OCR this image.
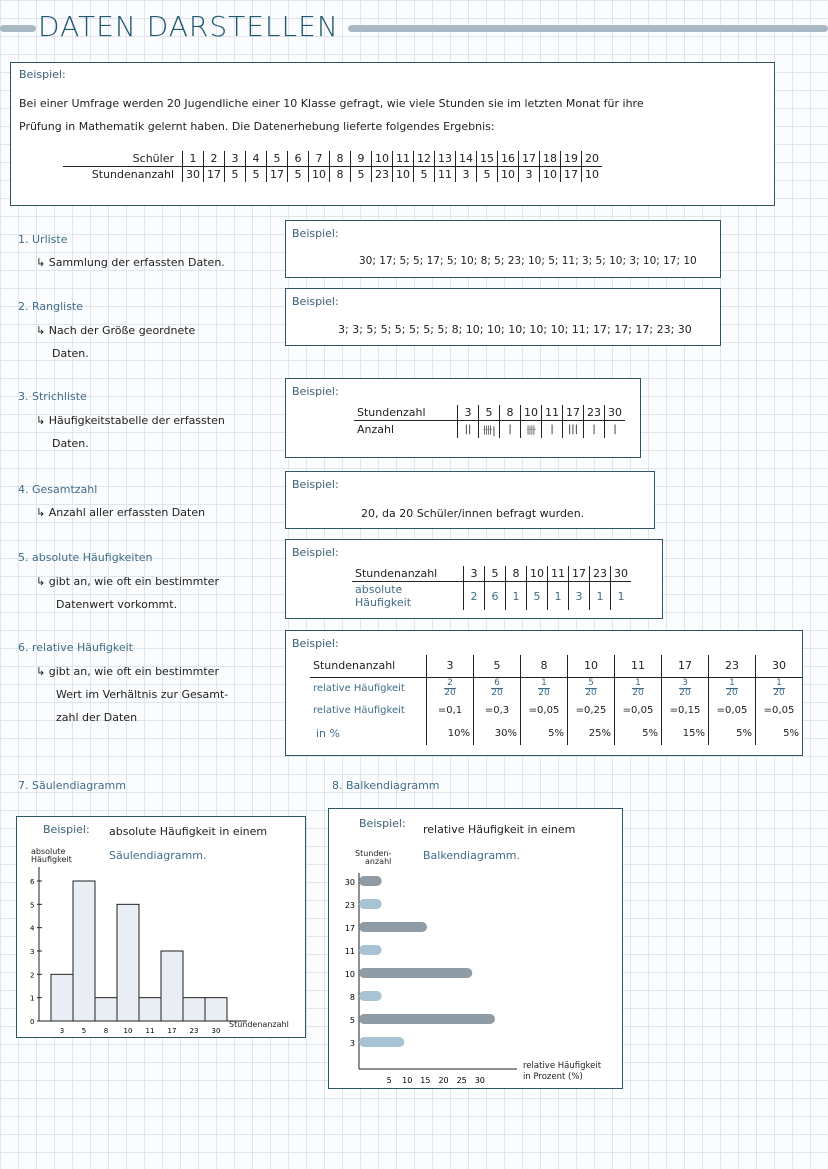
DATEN DARSTELLEN
Beispiel:
Bei einer Umfrage werden 20 Jugendliche einer 10 Klasse gefragt, wie viele Stunden sie im letzten Monat für ihre
Prüfung in Mathematik gelernt haben. Die Datenerhebung lieferte folgendes Ergebnis:
Schüler	1	2	3	4	5	6	7	8	9	10	11	12	13	14	15	16	17	18	19	20
Stundenanzahl	30	17	5	5	17	5	10	8	5	23	10	5	11	3	5	10	3	10	17	10
1. Urliste
↳ Sammlung der erfassten Daten.
Beispiel:
30; 17; 5; 5; 17; 5; 10; 8; 5; 23; 10; 5; 11; 3; 5; 10; 3; 10; 17; 10
2. Rangliste
↳ Nach der Größe geordnete
Daten.
Beispiel:
3; 3; 5; 5; 5; 5; 5; 5; 8; 10; 10; 10; 10; 10; 11; 17; 17; 17; 23; 30
3. Strichliste
↳ Häufigkeitstabelle der erfassten
Daten.
Beispiel:
Stundenzahl	3	5	8	10	11	17	23	30
Anzahl	||	卌|	|	卌	|	|||	|	|
4. Gesamtzahl
↳ Anzahl aller erfassten Daten
Beispiel:
20, da 20 Schüler/innen befragt wurden.
5. absolute Häufigkeiten
↳ gibt an, wie oft ein bestimmter
Datenwert vorkommt.
Beispiel:
Stundenanzahl	3	5	8	10	11	17	23	30
absolute Häufigkeit	2	6	1	5	1	3	1	1
6. relative Häufigkeit
↳ gibt an, wie oft ein bestimmter
Wert im Verhältnis zur Gesamt-
zahl der Daten
Beispiel:
Stundenanzahl	3	5	8	10	11	17	23	30
relative Häufigkeit	$\frac{2}{20}$	$\frac{6}{20}$	$\frac{1}{20}$	$\frac{5}{20}$	$\frac{1}{20}$	$\frac{3}{20}$	$\frac{1}{20}$	$\frac{1}{20}$

relative Häufigkeit	=0,1	=0,3	=0,05	=0,25	=0,05	=0,15	=0,05	=0,05
in %	10%	30%	5%	25%	5%	15%	5%	5%
7. Säulendiagramm
Beispiel: absolute Häufigkeit in einem
Säulendiagramm.
absolute
Häufigkeit
Stundenanzahl
0
1
2
3
4
5
6
3	5	8 10 11 17 23 30
8. Balkendiagramm
Beispiel: relative Häufigkeit in einem
Balkendiagramm.
Stunden-
anzahl
relative Häufigkeit
in Prozent (%)
30
23
17
11
10
8
5
3
5 10 15 20 25 30
